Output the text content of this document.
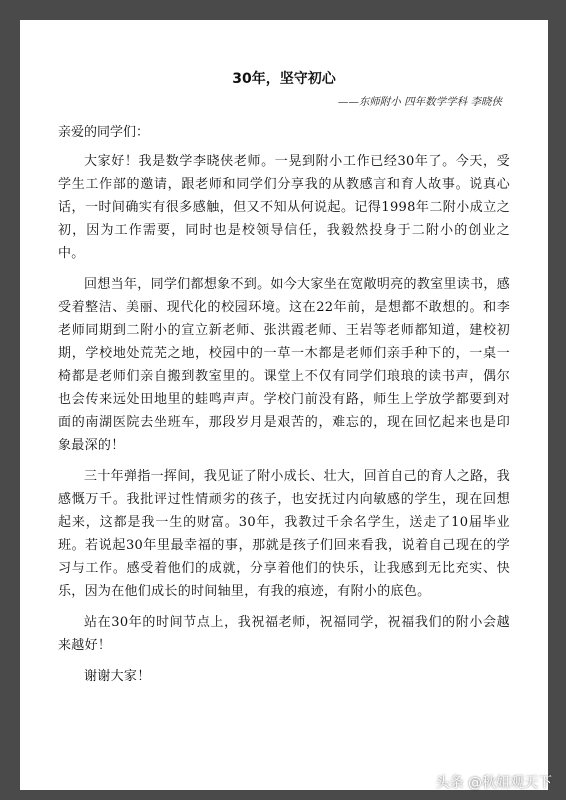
30年，坚守初心
——东师附小 四年数学学科 李晓侠
亲爱的同学们：

大家好！我是数学李晓侠老师。一晃到附小工作已经30年了。今天，受学生工作部的邀请，跟老师和同学们分享我的从教感言和育人故事。说真心话，一时间确实有很多感触，但又不知从何说起。记得1998年二附小成立之初，因为工作需要，同时也是校领导信任，我毅然投身于二附小的创业之中。

回想当年，同学们都想象不到。如今大家坐在宽敞明亮的教室里读书，感受着整洁、美丽、现代化的校园环境。这在22年前，是想都不敢想的。和李老师同期到二附小的宣立新老师、张洪霞老师、王岩等老师都知道，建校初期，学校地处荒芜之地，校园中的一草一木都是老师们亲手种下的，一桌一椅都是老师们亲自搬到教室里的。课堂上不仅有同学们琅琅的读书声，偶尔也会传来远处田地里的蛙鸣声声。学校门前没有路，师生上学放学都要到对面的南湖医院去坐班车，那段岁月是艰苦的，难忘的，现在回忆起来也是印象最深的！

三十年弹指一挥间，我见证了附小成长、壮大，回首自己的育人之路，我感慨万千。我批评过性情顽劣的孩子，也安抚过内向敏感的学生，现在回想起来，这都是我一生的财富。30年，我教过千余名学生，送走了10届毕业班。若说起30年里最幸福的事，那就是孩子们回来看我，说着自己现在的学习与工作。感受着他们的成就，分享着他们的快乐，让我感到无比充实、快乐，因为在他们成长的时间轴里，有我的痕迹，有附小的底色。

站在30年的时间节点上，我祝福老师，祝福同学，祝福我们的附小会越来越好！

谢谢大家！

头条 @秋姐观天下
